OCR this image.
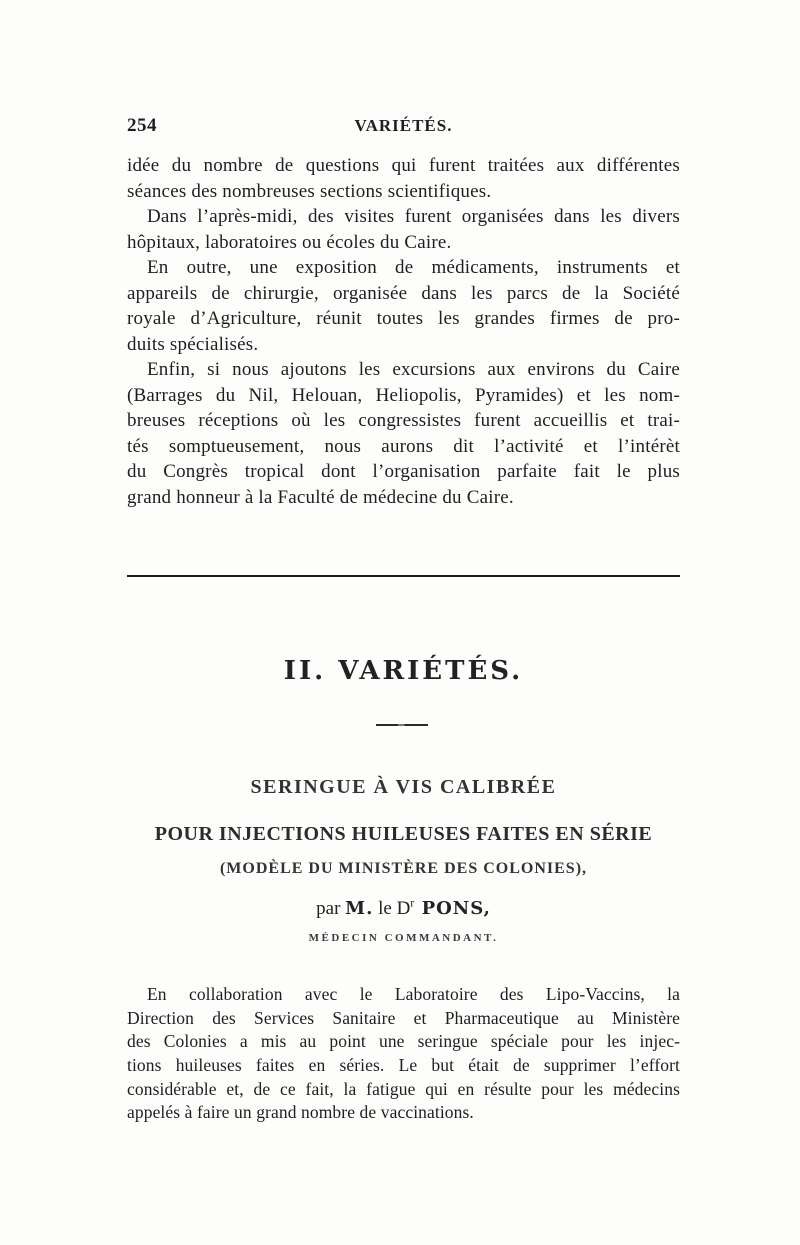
254	VARIÉTÉS.
idée du nombre de questions qui furent traitées aux différentes
séances des nombreuses sections scientifiques.
Dans l’après-midi, des visites furent organisées dans les divers
hôpitaux, laboratoires ou écoles du Caire.
En outre, une exposition de médicaments, instruments et
appareils de chirurgie, organisée dans les parcs de la Société
royale d’Agriculture, réunit toutes les grandes firmes de pro-
duits spécialisés.
Enfin, si nous ajoutons les excursions aux environs du Caire
(Barrages du Nil, Helouan, Heliopolis, Pyramides) et les nom-
breuses réceptions où les congressistes furent accueillis et trai-
tés somptueusement, nous aurons dit l’activité et l’intérèt
du Congrès tropical dont l’organisation parfaite fait le plus
grand honneur à la Faculté de médecine du Caire.
II. VARIÉTÉS.
SERINGUE À VIS CALIBRÉE
POUR INJECTIONS HUILEUSES FAITES EN SÉRIE
(MODÈLE DU MINISTÈRE DES COLONIES),
par M. le $D^r$ PONS,
MÉDECIN COMMANDANT.
En collaboration avec le Laboratoire des Lipo-Vaccins, la
Direction des Services Sanitaire et Pharmaceutique au Ministère
des Colonies a mis au point une seringue spéciale pour les injec-
tions huileuses faites en séries. Le but était de supprimer l’effort
considérable et, de ce fait, la fatigue qui en résulte pour les médecins
appelés à faire un grand nombre de vaccinations.
